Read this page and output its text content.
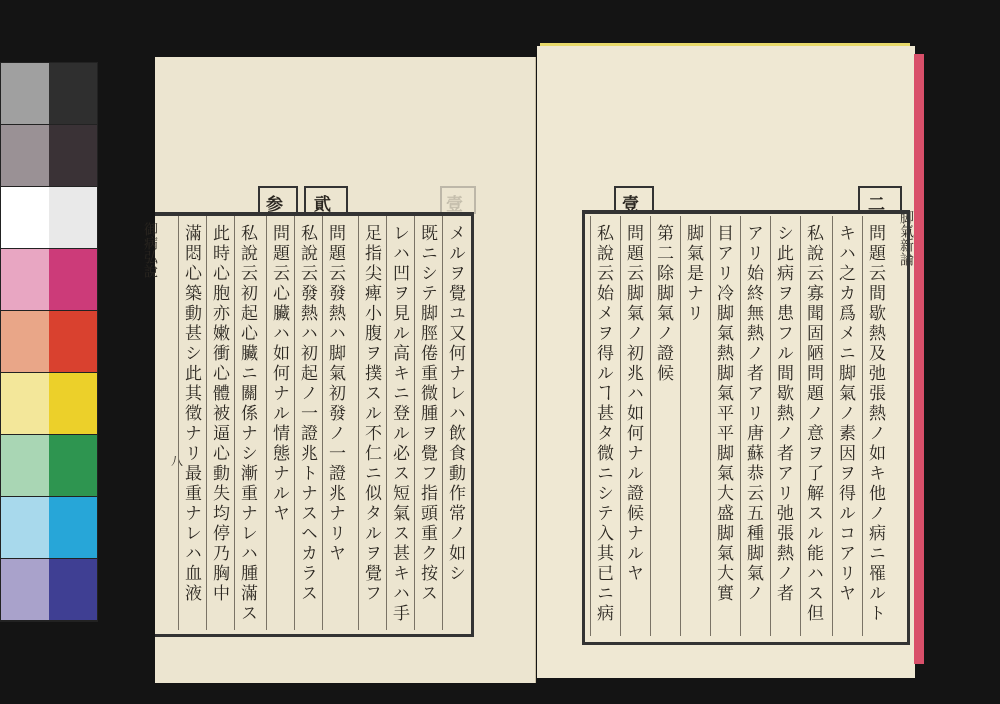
参 貮	壹
御病弘說
八	メルヲ覺ユ又何ナレハ飲食動作常ノ如シ
既ニシテ脚脛倦重微腫ヲ覺フ指頭重ク按ス
レハ凹ヲ見ル高キニ登ル必ス短氣ス甚キハ手
足指尖痺小腹ヲ撲スル不仁ニ似タルヲ覺フ
問題云發熱ハ脚氣初發ノ一證兆ナリヤ
私說云發熱ハ初起ノ一證兆トナスヘカラス
問題云心臟ハ如何ナル情態ナルヤ
私說云初起心臟ニ關係ナシ漸重ナレハ腫滿ス
此時心胞亦嫩衝心體被逼心動失均停乃胸中
滿悶心築動甚シ此其徵ナリ最重ナレハ血液
壹	二
脚氣新論
問題云間歇熱及弛張熱ノ如キ他ノ病ニ罹ルト
キハ之カ爲メニ脚氣ノ素因ヲ得ルコアリヤ
私說云寡聞固陋問題ノ意ヲ了解スル能ハス但
シ此病ヲ患フル間歇熱ノ者アリ弛張熱ノ者
アリ始終無熱ノ者アリ唐蘇恭云五種脚氣ノ
目アリ冷脚氣熱脚氣平平脚氣大盛脚氣大實
脚氣是ナリ
第二除脚氣ノ證候
問題云脚氣ノ初兆ハ如何ナル證候ナルヤ
私說云始メヲ得ルヿ甚タ微ニシテ入其已ニ病
